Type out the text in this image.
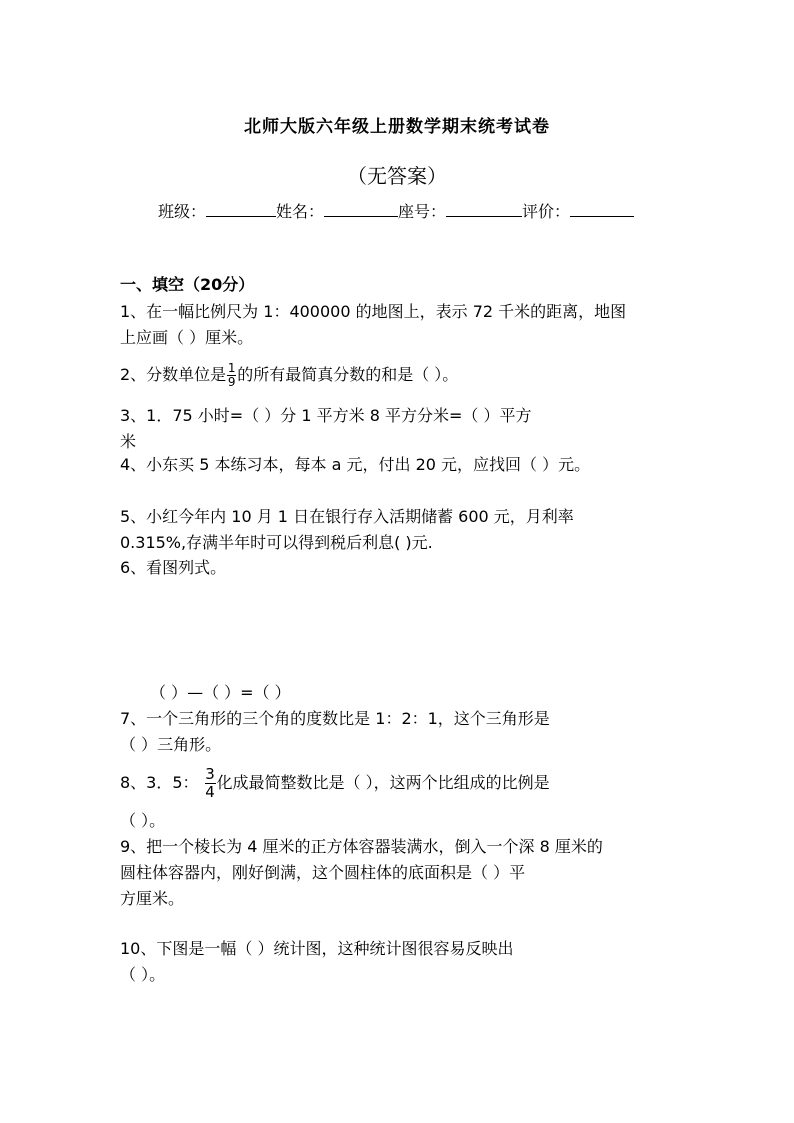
北师大版六年级上册数学期末统考试卷
（无答案）
班级：	姓名：	座号：	评价：
一、填空（20分）
1、在一幅比例尺为 1：400000 的地图上，表示 72 千米的距离，地图
上应画（ ）厘米。
2、分数单位是 $\frac{1}{9}$ 的所有最简真分数的和是（ ）。
3、1．75 小时=（ ）分 1 平方米 8 平方分米=（ ）平方
米
4、小东买 5 本练习本，每本 a 元，付出 20 元，应找回（ ）元。
5、小红今年内 10 月 1 日在银行存入活期储蓄 600 元，月利率
0.315%,存满半年时可以得到税后利息( )元.
6、看图列式。
（ ）—（ ）=（ ）
7、一个三角形的三个角的度数比是 1：2：1，这个三角形是
（ ）三角形。
8、3．5： $\frac{3}{4}$ 化成最简整数比是（ ），这两个比组成的比例是
（ ）。
9、把一个棱长为 4 厘米的正方体容器装满水，倒入一个深 8 厘米的
圆柱体容器内，刚好倒满，这个圆柱体的底面积是（ ）平
方厘米。
10、下图是一幅（ ）统计图，这种统计图很容易反映出
（ ）。
